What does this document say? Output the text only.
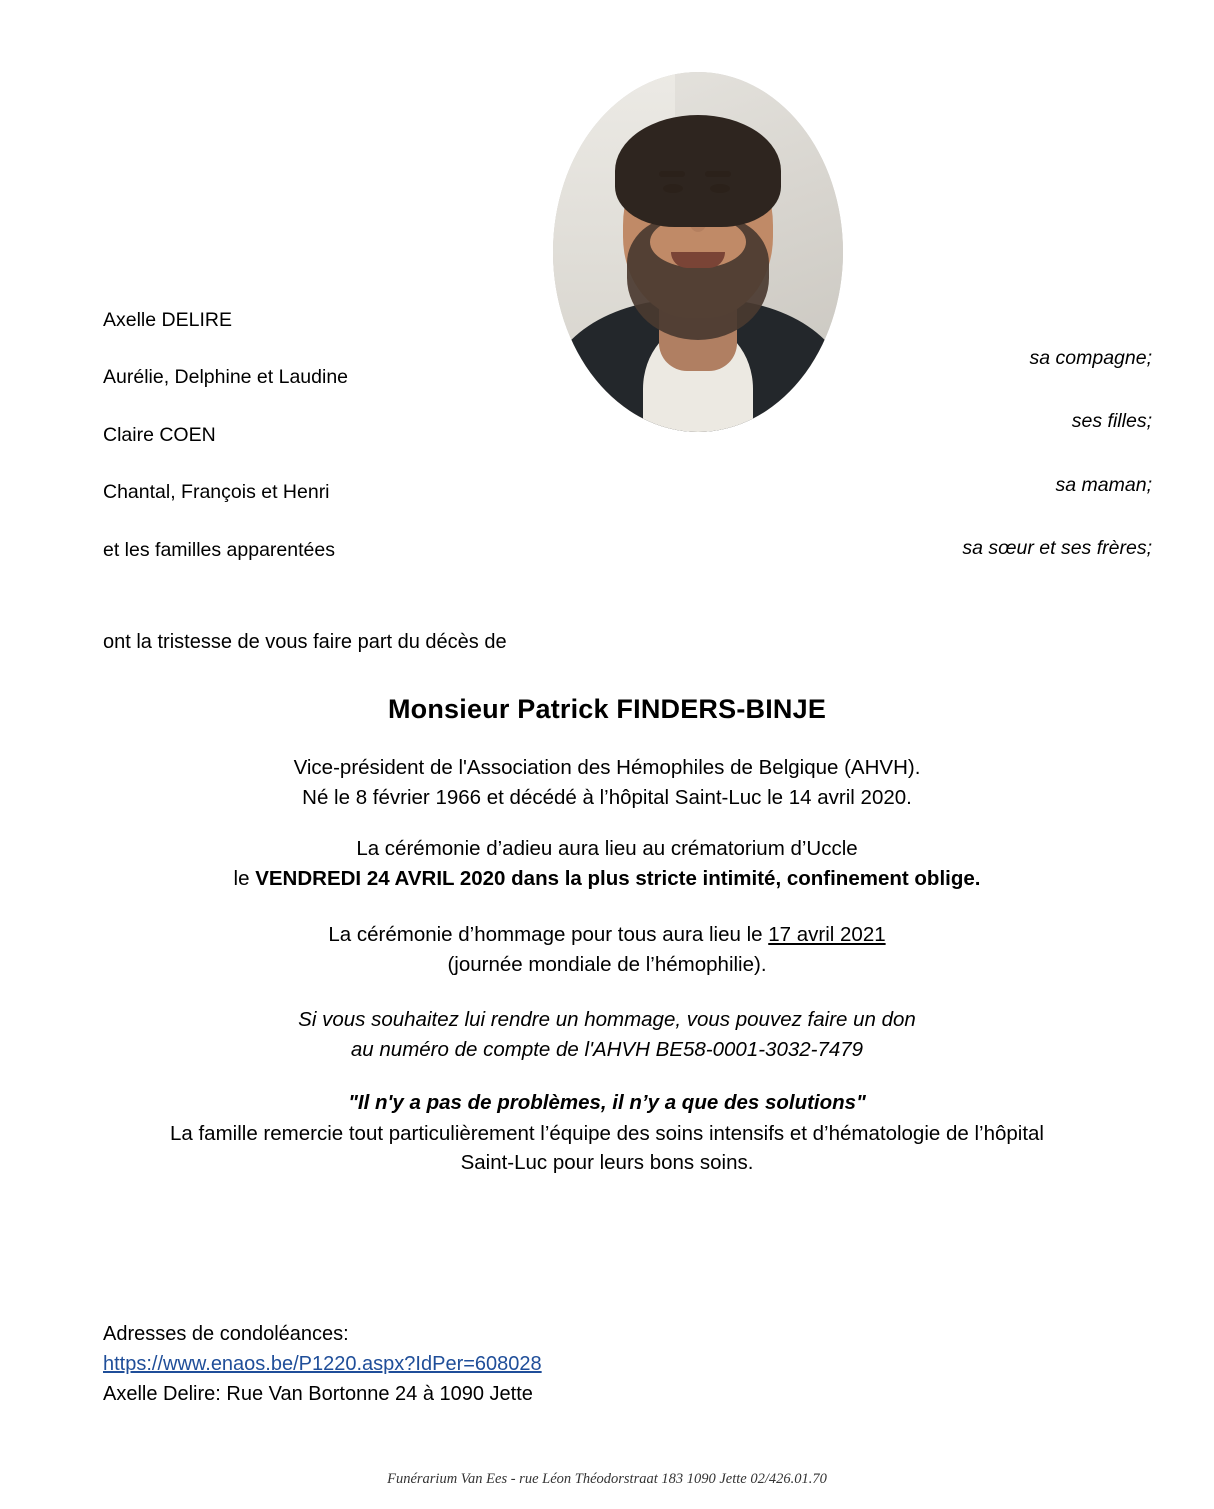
Axelle DELIRE
Aurélie, Delphine et Laudine
Claire COEN
Chantal, François et Henri
et les familles apparentées
sa compagne;
ses filles;
sa maman;
sa sœur et ses frères;
ont la tristesse de vous faire part du décès de
Monsieur Patrick FINDERS-BINJE
Vice-président de l'Association des Hémophiles de Belgique (AHVH).
Né le 8 février 1966 et décédé à l’hôpital Saint-Luc le 14 avril 2020.
La cérémonie d’adieu aura lieu au crématorium d’Uccle
le VENDREDI 24 AVRIL 2020 dans la plus stricte intimité, confinement oblige.
La cérémonie d’hommage pour tous aura lieu le 17 avril 2021
(journée mondiale de l’hémophilie).
Si vous souhaitez lui rendre un hommage, vous pouvez faire un don
au numéro de compte de l'AHVH BE58-0001-3032-7479
"Il n'y a pas de problèmes, il n’y a que des solutions"
La famille remercie tout particulièrement l’équipe des soins intensifs et d’hématologie de l’hôpital
Saint-Luc pour leurs bons soins.
Adresses de condoléances:
https://www.enaos.be/P1220.aspx?IdPer=608028
Axelle Delire: Rue Van Bortonne 24 à 1090 Jette
Funérarium Van Ees - rue Léon Théodorstraat 183 1090 Jette 02/426.01.70
